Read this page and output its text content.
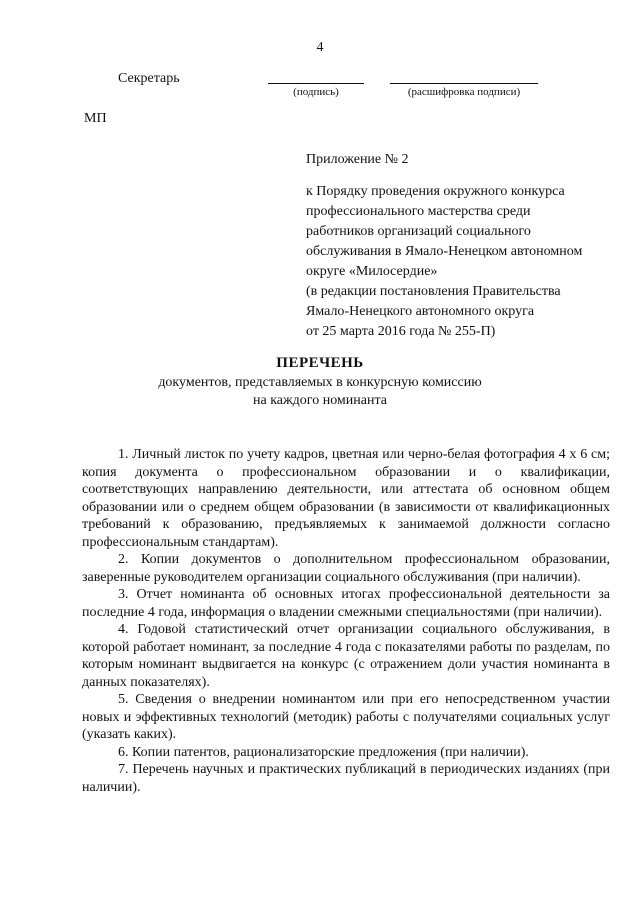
4
Секретарь
(подпись)	(расшифровка подписи)
МП
Приложение № 2
к Порядку проведения окружного конкурса
профессионального мастерства среди
работников организаций социального
обслуживания в Ямало-Ненецком автономном
округе «Милосердие»
(в редакции постановления Правительства
Ямало-Ненецкого автономного округа
от 25 марта 2016 года № 255-П)
ПЕРЕЧЕНЬ
документов, представляемых в конкурсную комиссию
на каждого номинанта

1. Личный листок по учету кадров, цветная или черно-белая фотография 4 х 6 см; копия документа о профессиональном образовании и о квалификации, соответствующих направлению деятельности, или аттестата об основном общем образовании или о среднем общем образовании (в зависимости от квалификационных требований к образованию, предъявляемых к занимаемой должности согласно профессиональным стандартам).

2. Копии документов о дополнительном профессиональном образовании, заверенные руководителем организации социального обслуживания (при наличии).

3. Отчет номинанта об основных итогах профессиональной деятельности за последние 4 года, информация о владении смежными специальностями (при наличии).

4. Годовой статистический отчет организации социального обслуживания, в которой работает номинант, за последние 4 года с показателями работы по разделам, по которым номинант выдвигается на конкурс (с отражением доли участия номинанта в данных показателях).

5. Сведения о внедрении номинантом или при его непосредственном участии новых и эффективных технологий (методик) работы с получателями социальных услуг (указать каких).

6. Копии патентов, рационализаторские предложения (при наличии).

7. Перечень научных и практических публикаций в периодических изданиях (при наличии).
